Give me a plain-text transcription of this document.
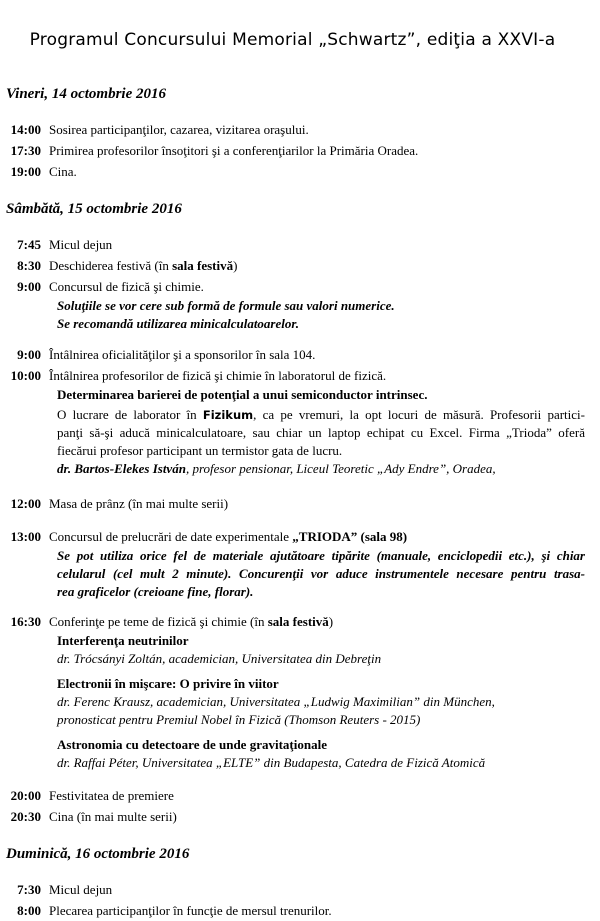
Programul Concursului Memorial „Schwartz”, ediţia a XXVI-a
Vineri, 14 octombrie 2016
14:00 Sosirea participanţilor, cazarea, vizitarea oraşului.
17:30 Primirea profesorilor însoţitori şi a conferenţiarilor la Primăria Oradea.
19:00 Cina.
Sâmbătă, 15 octombrie 2016
7:45 Micul dejun
8:30 Deschiderea festivă (în sala festivă)
9:00 Concursul de fizică şi chimie.
Soluţiile se vor cere sub formă de formule sau valori numerice.
Se recomandă utilizarea minicalculatoarelor.
9:00 Întâlnirea oficialităţilor şi a sponsorilor în sala 104.
10:00 Întâlnirea profesorilor de fizică şi chimie în laboratorul de fizică.
Determinarea barierei de potenţial a unui semiconductor intrinsec.
O lucrare de laborator în Fizikum, ca pe vremuri, la opt locuri de măsură. Profesorii partici-
panţi să-şi aducă minicalculatoare, sau chiar un laptop echipat cu Excel. Firma „Trioda” oferă
fiecărui profesor participant un termistor gata de lucru.
dr. Bartos-Elekes István, profesor pensionar, Liceul Teoretic „Ady Endre”, Oradea,
12:00 Masa de prânz (în mai multe serii)
13:00 Concursul de prelucrări de date experimentale „TRIODA” (sala 98)
Se pot utiliza orice fel de materiale ajutătoare tipărite (manuale, enciclopedii etc.), şi chiar
celularul (cel mult 2 minute). Concurenţii vor aduce instrumentele necesare pentru trasa-
rea graficelor (creioane fine, florar).
16:30 Conferinţe pe teme de fizică şi chimie (în sala festivă)
Interferenţa neutrinilor
dr. Trócsányi Zoltán, academician, Universitatea din Debreţin
Electronii în mişcare: O privire în viitor
dr. Ferenc Krausz, academician, Universitatea „Ludwig Maximilian” din München,
pronosticat pentru Premiul Nobel în Fizică (Thomson Reuters - 2015)
Astronomia cu detectoare de unde gravitaţionale
dr. Raffai Péter, Universitatea „ELTE” din Budapesta, Catedra de Fizică Atomică
20:00 Festivitatea de premiere
20:30 Cina (în mai multe serii)
Duminică, 16 octombrie 2016
7:30 Micul dejun
8:00 Plecarea participanţilor în funcţie de mersul trenurilor.
